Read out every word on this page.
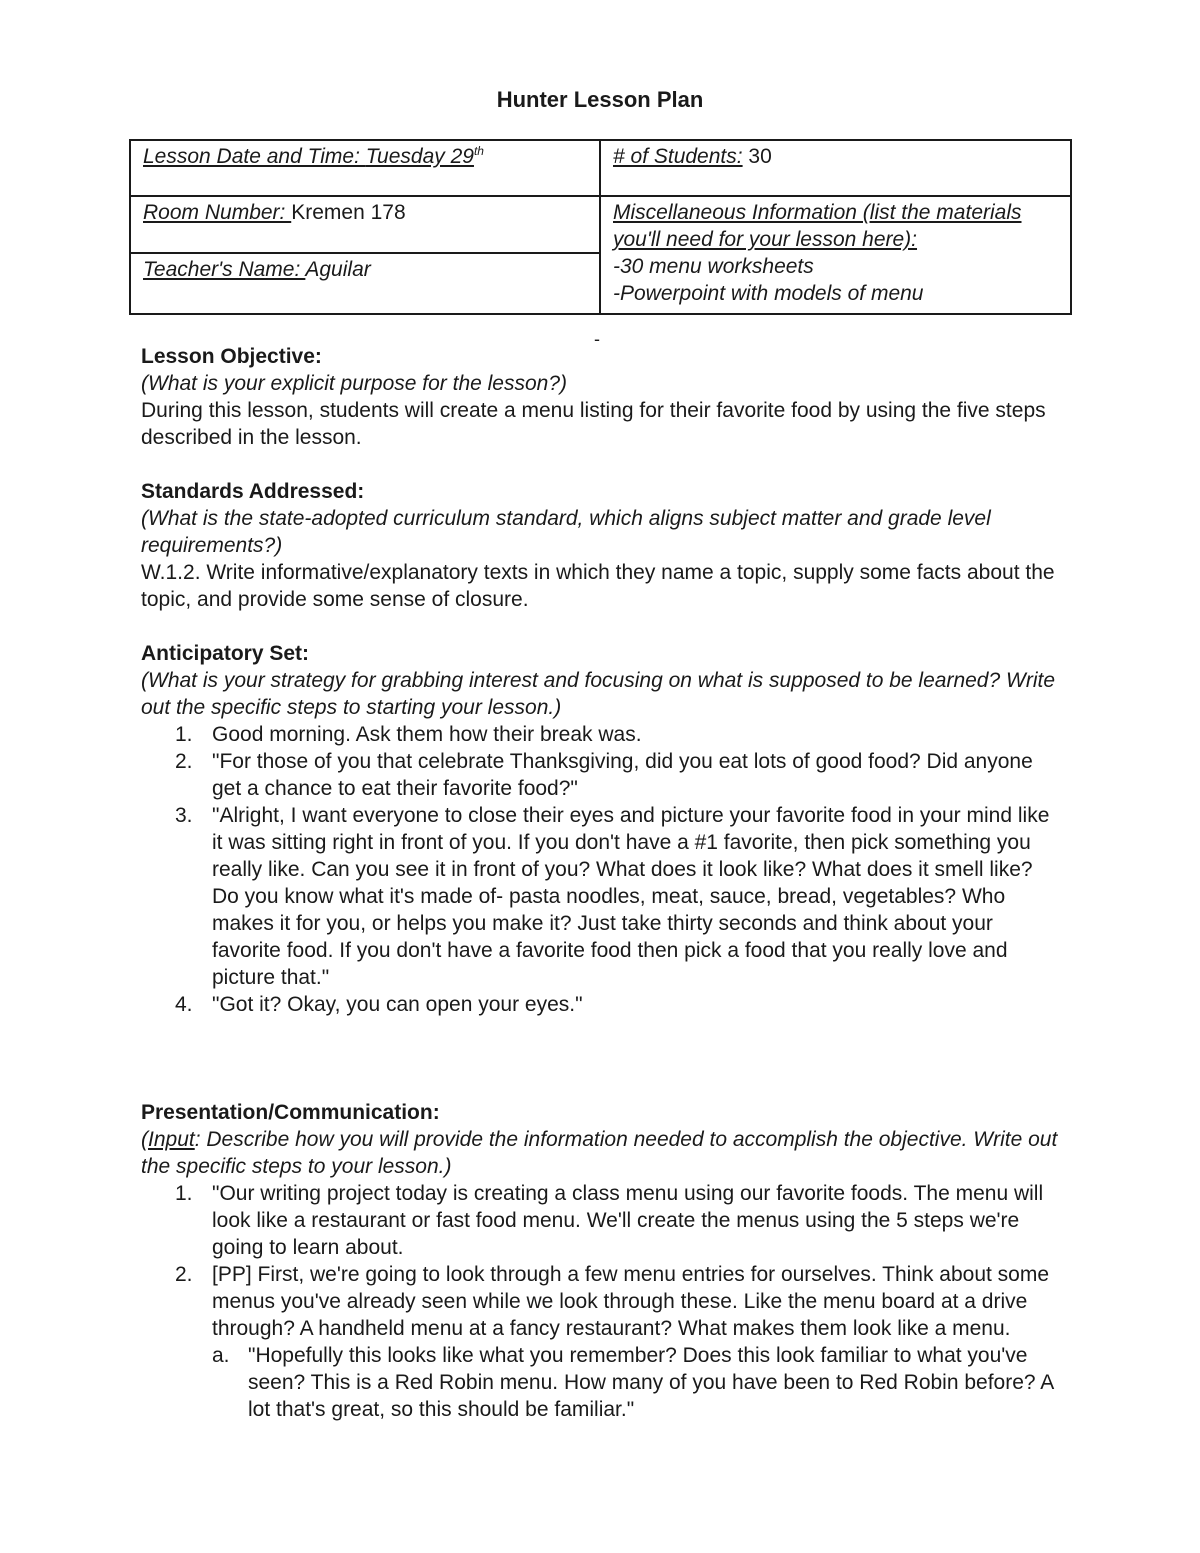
Hunter Lesson Plan
Lesson Date and Time: Tuesday 29th	# of Students: 30
Room Number: Kremen 178	Miscellaneous Information (list the materials you'll need for your lesson here):
-30 menu worksheets
-Powerpoint with models of menu

Teacher's Name: Aguilar	
-
Lesson Objective:
(What is your explicit purpose for the lesson?)
During this lesson, students will create a menu listing for their favorite food by using the five steps described in the lesson.
Standards Addressed:
(What is the state-adopted curriculum standard, which aligns subject matter and grade level requirements?)
W.1.2. Write informative/explanatory texts in which they name a topic, supply some facts about the topic, and provide some sense of closure.
Anticipatory Set:
(What is your strategy for grabbing interest and focusing on what is supposed to be learned? Write out the specific steps to starting your lesson.)
1. Good morning. Ask them how their break was.
2. "For those of you that celebrate Thanksgiving, did you eat lots of good food? Did anyone get a chance to eat their favorite food?"
3. "Alright, I want everyone to close their eyes and picture your favorite food in your mind like it was sitting right in front of you. If you don't have a #1 favorite, then pick something you really like. Can you see it in front of you? What does it look like? What does it smell like? Do you know what it's made of- pasta noodles, meat, sauce, bread, vegetables? Who makes it for you, or helps you make it? Just take thirty seconds and think about your favorite food. If you don't have a favorite food then pick a food that you really love and picture that."
4. "Got it? Okay, you can open your eyes."
Presentation/Communication:
(Input: Describe how you will provide the information needed to accomplish the objective. Write out the specific steps to your lesson.)
1. "Our writing project today is creating a class menu using our favorite foods. The menu will look like a restaurant or fast food menu. We'll create the menus using the 5 steps we're going to learn about.
2. [PP] First, we're going to look through a few menu entries for ourselves. Think about some menus you've already seen while we look through these. Like the menu board at a drive through? A handheld menu at a fancy restaurant? What makes them look like a menu.
a. "Hopefully this looks like what you remember? Does this look familiar to what you've seen? This is a Red Robin menu. How many of you have been to Red Robin before? A lot that's great, so this should be familiar."
